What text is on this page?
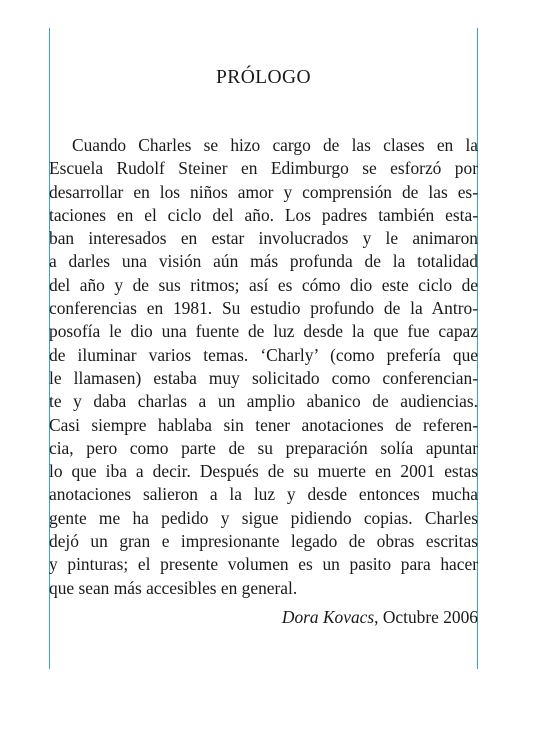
PRÓLOGO
Cuando Charles se hizo cargo de las clases en la
Escuela Rudolf Steiner en Edimburgo se esforzó por
desarrollar en los niños amor y comprensión de las es-
taciones en el ciclo del año. Los padres también esta-
ban interesados en estar involucrados y le animaron
a darles una visión aún más profunda de la totalidad
del año y de sus ritmos; así es cómo dio este ciclo de
conferencias en 1981. Su estudio profundo de la Antro-
posofía le dio una fuente de luz desde la que fue capaz
de iluminar varios temas. ‘Charly’ (como prefería que
le llamasen) estaba muy solicitado como conferencian-
te y daba charlas a un amplio abanico de audiencias.
Casi siempre hablaba sin tener anotaciones de referen-
cia, pero como parte de su preparación solía apuntar
lo que iba a decir. Después de su muerte en 2001 estas
anotaciones salieron a la luz y desde entonces mucha
gente me ha pedido y sigue pidiendo copias. Charles
dejó un gran e impresionante legado de obras escritas
y pinturas; el presente volumen es un pasito para hacer
que sean más accesibles en general.
Dora Kovacs, Octubre 2006
